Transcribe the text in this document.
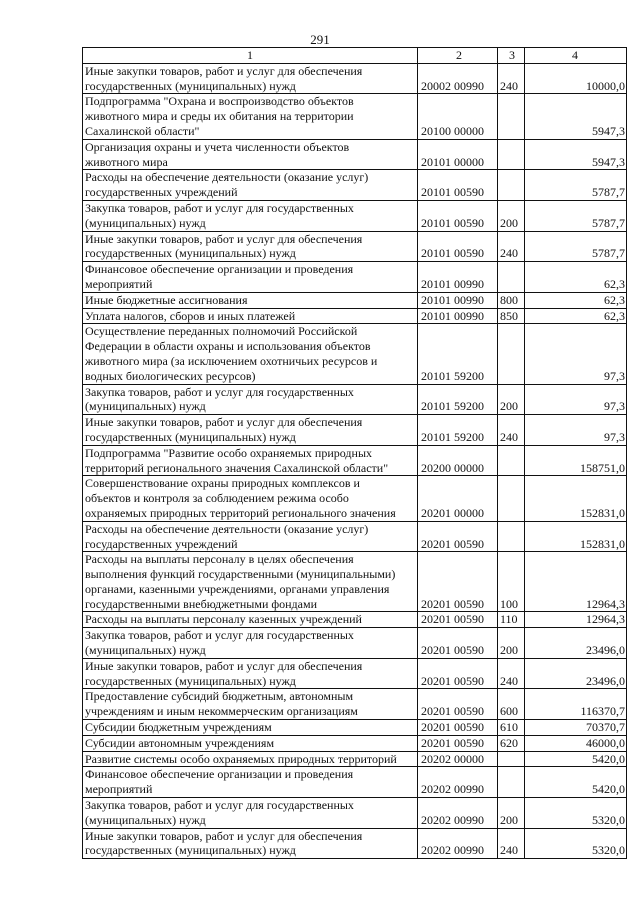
291
1	2	3	4

Иные закупки товаров, работ и услуг для обеспечения
государственных (муниципальных) нужд	20002 00990	240	10000,0

Подпрограмма "Охрана и воспроизводство объектов
животного мира и среды их обитания на территории
Сахалинской области"	20100 00000		5947,3

Организация охраны и учета численности объектов
животного мира	20101 00000		5947,3

Расходы на обеспечение деятельности (оказание услуг)
государственных учреждений	20101 00590		5787,7

Закупка товаров, работ и услуг для государственных
(муниципальных) нужд	20101 00590	200	5787,7

Иные закупки товаров, работ и услуг для обеспечения
государственных (муниципальных) нужд	20101 00590	240	5787,7

Финансовое обеспечение организации и проведения
мероприятий	20101 00990		62,3

Иные бюджетные ассигнования	20101 00990	800	62,3

Уплата налогов, сборов и иных платежей	20101 00990	850	62,3

Осуществление переданных полномочий Российской
Федерации в области охраны и использования объектов
животного мира (за исключением охотничьих ресурсов и
водных биологических ресурсов)	20101 59200		97,3

Закупка товаров, работ и услуг для государственных
(муниципальных) нужд	20101 59200	200	97,3

Иные закупки товаров, работ и услуг для обеспечения
государственных (муниципальных) нужд	20101 59200	240	97,3

Подпрограмма "Развитие особо охраняемых природных
территорий регионального значения Сахалинской области"	20200 00000		158751,0

Совершенствование охраны природных комплексов и
объектов и контроля за соблюдением режима особо
охраняемых природных территорий регионального значения	20201 00000		152831,0

Расходы на обеспечение деятельности (оказание услуг)
государственных учреждений	20201 00590		152831,0

Расходы на выплаты персоналу в целях обеспечения
выполнения функций государственными (муниципальными)
органами, казенными учреждениями, органами управления
государственными внебюджетными фондами	20201 00590	100	12964,3

Расходы на выплаты персоналу казенных учреждений	20201 00590	110	12964,3

Закупка товаров, работ и услуг для государственных
(муниципальных) нужд	20201 00590	200	23496,0

Иные закупки товаров, работ и услуг для обеспечения
государственных (муниципальных) нужд	20201 00590	240	23496,0

Предоставление субсидий бюджетным, автономным
учреждениям и иным некоммерческим организациям	20201 00590	600	116370,7

Субсидии бюджетным учреждениям	20201 00590	610	70370,7

Субсидии автономным учреждениям	20201 00590	620	46000,0

Развитие системы особо охраняемых природных территорий	20202 00000		5420,0

Финансовое обеспечение организации и проведения
мероприятий	20202 00990		5420,0

Закупка товаров, работ и услуг для государственных
(муниципальных) нужд	20202 00990	200	5320,0

Иные закупки товаров, работ и услуг для обеспечения
государственных (муниципальных) нужд	20202 00990	240	5320,0
